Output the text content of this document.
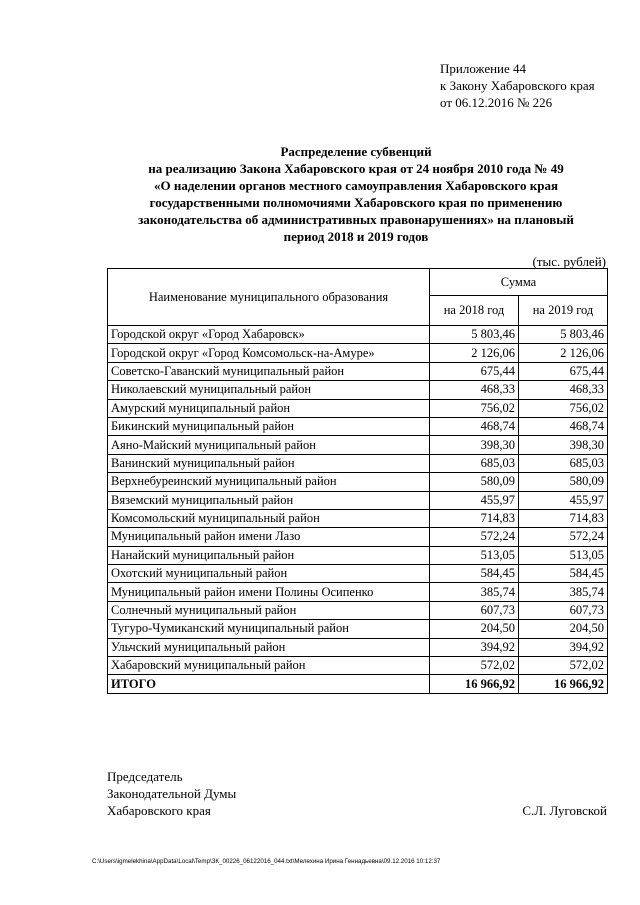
Приложение 44
к Закону Хабаровского края
от 06.12.2016 № 226
Распределение субвенций
на реализацию Закона Хабаровского края от 24 ноября 2010 года № 49
«О наделении органов местного самоуправления Хабаровского края
государственными полномочиями Хабаровского края по применению
законодательства об административных правонарушениях» на плановый
период 2018 и 2019 годов
(тыс. рублей)
Наименование муниципального образования	Сумма	
	на 2018 год	на 2019 год
Городской округ «Город Хабаровск»	5 803,46	5 803,46
Городской округ «Город Комсомольск-на-Амуре»	2 126,06	2 126,06
Советско-Гаванский муниципальный район	675,44	675,44
Николаевский муниципальный район	468,33	468,33
Амурский муниципальный район	756,02	756,02
Бикинский муниципальный район	468,74	468,74
Аяно-Майский муниципальный район	398,30	398,30
Ванинский муниципальный район	685,03	685,03
Верхнебуреинский муниципальный район	580,09	580,09
Вяземский муниципальный район	455,97	455,97
Комсомольский муниципальный район	714,83	714,83
Муниципальный район имени Лазо	572,24	572,24
Нанайский муниципальный район	513,05	513,05
Охотский муниципальный район	584,45	584,45
Муниципальный район имени Полины Осипенко	385,74	385,74
Солнечный муниципальный район	607,73	607,73
Тугуро-Чумиканский муниципальный район	204,50	204,50
Ульчский муниципальный район	394,92	394,92
Хабаровский муниципальный район	572,02	572,02
ИТОГО	16 966,92	16 966,92
Председатель
Законодательной Думы
Хабаровского края	С.Л. Луговской
C:\Users\igmelekhina\AppData\Local\Temp\ЗК_00226_06122016_044.txt\Мелехина Ирина Геннадьевна\09.12.2016 10:12:37
